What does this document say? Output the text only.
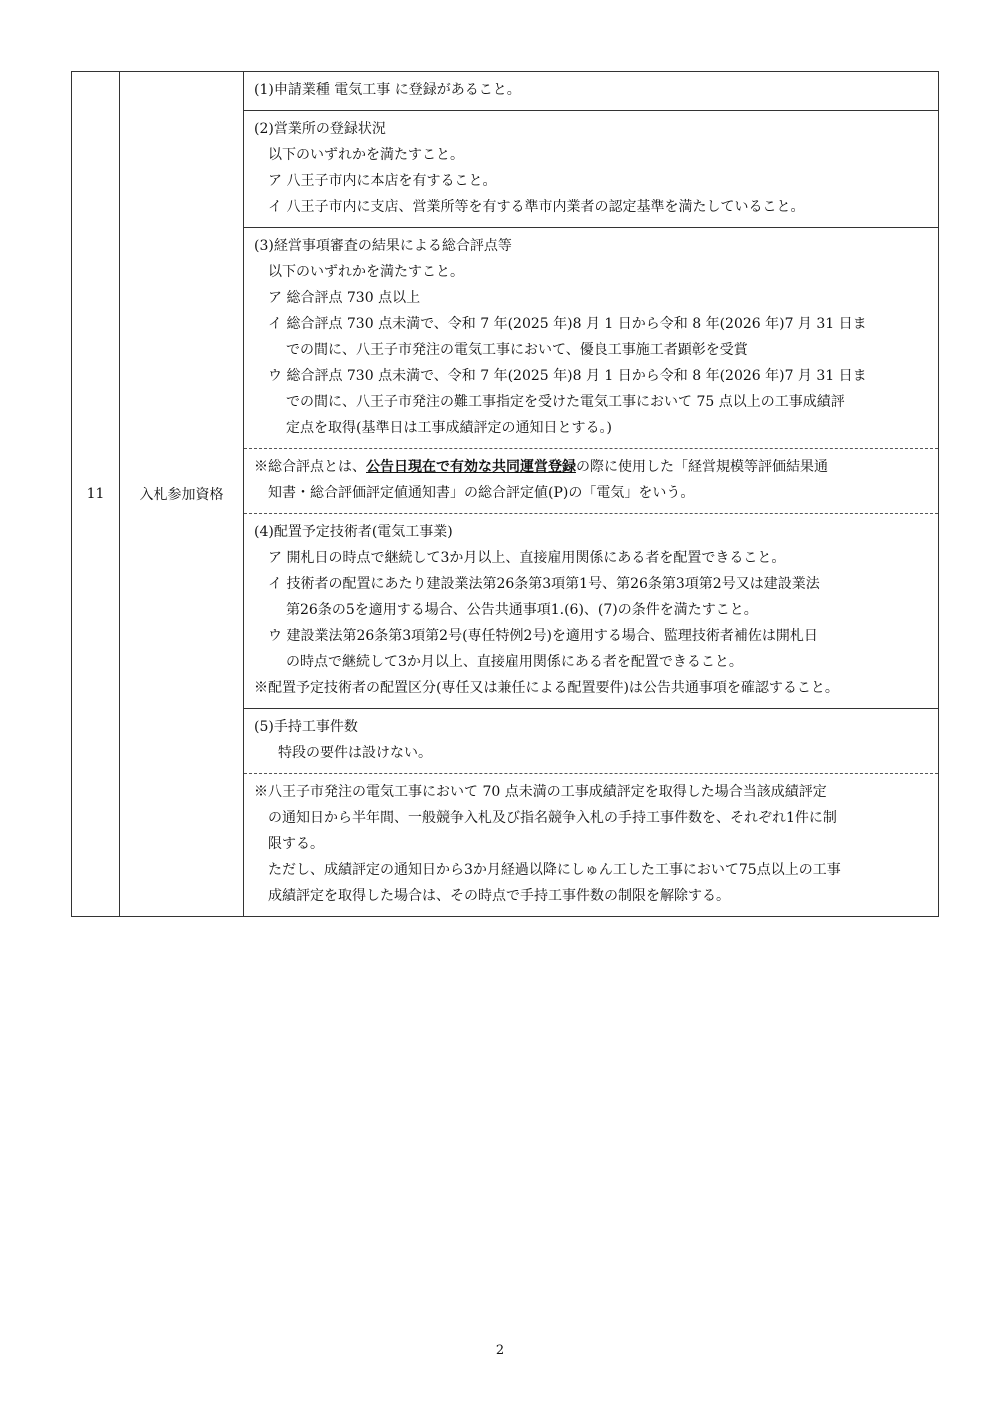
11	入札参加資格
(1)申請業種 電気工事 に登録があること。
(2)営業所の登録状況
以下のいずれかを満たすこと。
ア 八王子市内に本店を有すること。
イ 八王子市内に支店、営業所等を有する準市内業者の認定基準を満たしていること。
(3)経営事項審査の結果による総合評点等
以下のいずれかを満たすこと。
ア 総合評点 730 点以上
イ 総合評点 730 点未満で、令和 7 年(2025 年)8 月 1 日から令和 8 年(2026 年)7 月 31 日ま
での間に、八王子市発注の電気工事において、優良工事施工者顕彰を受賞
ウ 総合評点 730 点未満で、令和 7 年(2025 年)8 月 1 日から令和 8 年(2026 年)7 月 31 日ま
での間に、八王子市発注の難工事指定を受けた電気工事において 75 点以上の工事成績評
定点を取得(基準日は工事成績評定の通知日とする。)
※総合評点とは、公告日現在で有効な共同運営登録の際に使用した「経営規模等評価結果通
知書・総合評価評定値通知書」の総合評定値(P)の「電気」をいう。
(4)配置予定技術者(電気工事業)
ア 開札日の時点で継続して3か月以上、直接雇用関係にある者を配置できること。
イ 技術者の配置にあたり建設業法第26条第3項第1号、第26条第3項第2号又は建設業法
第26条の5を適用する場合、公告共通事項1.(6)、(7)の条件を満たすこと。
ウ 建設業法第26条第3項第2号(専任特例2号)を適用する場合、監理技術者補佐は開札日
の時点で継続して3か月以上、直接雇用関係にある者を配置できること。
※配置予定技術者の配置区分(専任又は兼任による配置要件)は公告共通事項を確認すること。
(5)手持工事件数
特段の要件は設けない。
※八王子市発注の電気工事において 70 点未満の工事成績評定を取得した場合当該成績評定
の通知日から半年間、一般競争入札及び指名競争入札の手持工事件数を、それぞれ1件に制
限する。
ただし、成績評定の通知日から3か月経過以降にしゅん工した工事において75点以上の工事
成績評定を取得した場合は、その時点で手持工事件数の制限を解除する。
2
